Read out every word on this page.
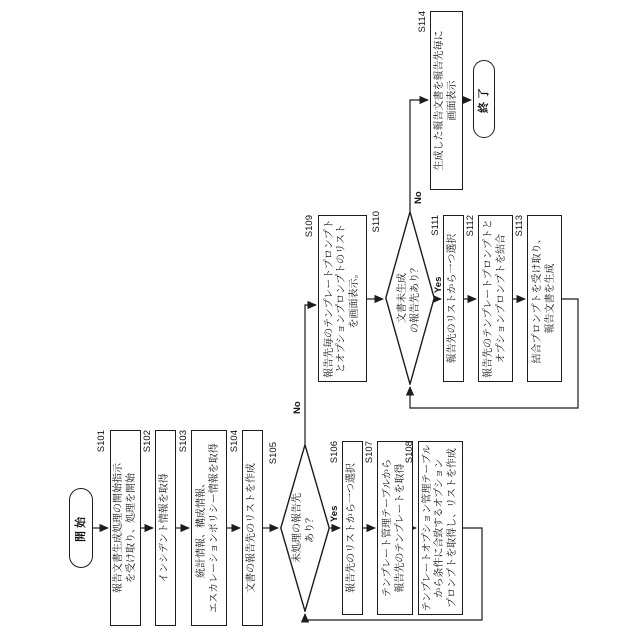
開始
S101
報告文書生成処理の開始指示
を受け取り、処理を開始
S102
インシデント情報を取得
S103
統計情報、構成情報、
エスカレーションポリシー情報を取得
S104
文書の報告先のリストを作成
S105
未処理の報告先
あり？ Yes
No
S106
報告先のリストから一つ選択
S107
テンプレート管理テーブルから
報告先のテンプレートを取得
S108 テンプレートオプション管理テーブル
から条件に合致するオプション
プロンプトを取得し、リストを作成
S109 報告先毎のテンプレートプロンプト
とオプションプロンプトのリスト
を画面表示。
S110
文書未生成
の報告先あり？ Yes
No
S111
報告先のリストから一つ選択
S112 報告先のテンプレートプロンプトと
オプションプロンプトを結合
S113
結合プロンプトを受け取り、
報告文書を生成
S114
生成した報告文書を報告先毎に
画面表示	終了
